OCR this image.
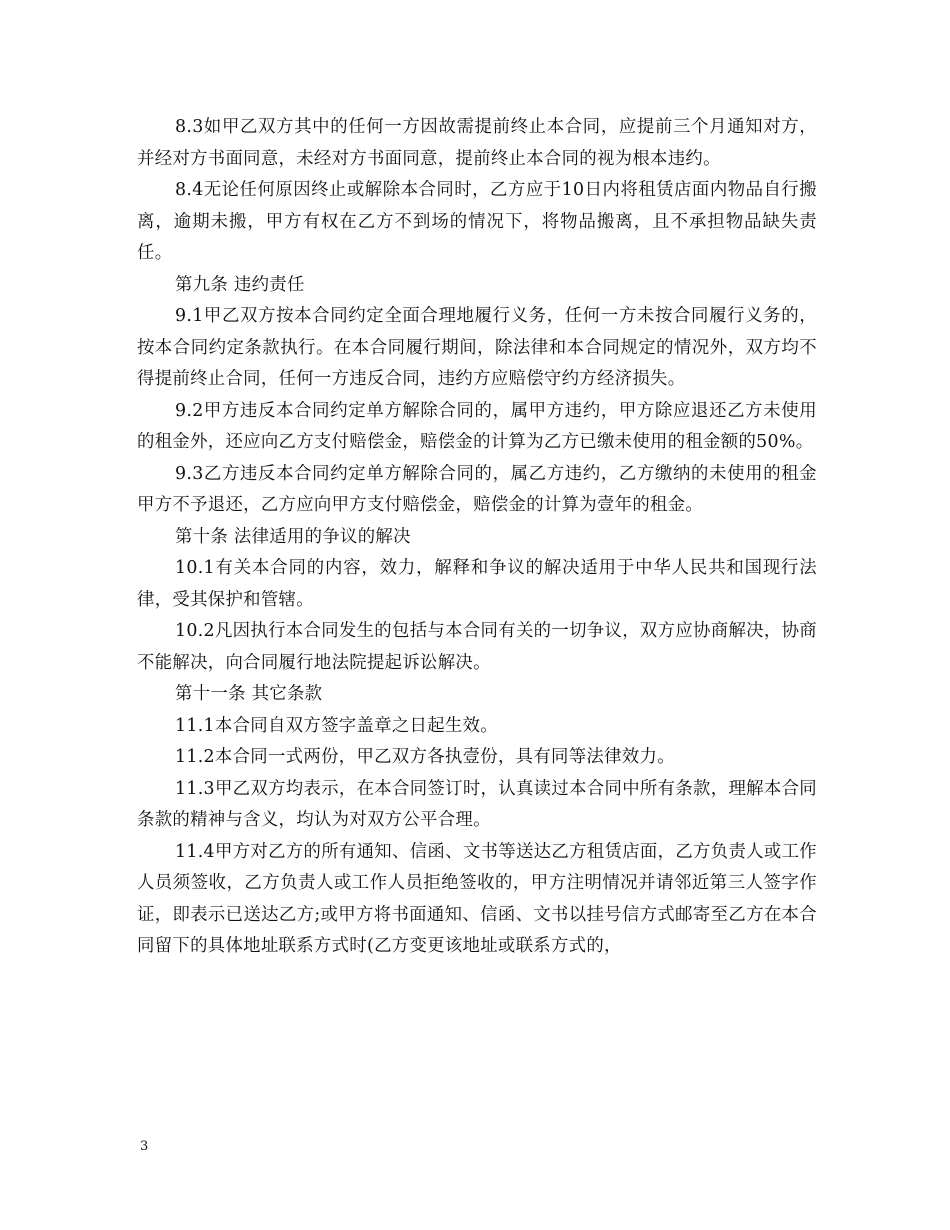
8.3如甲乙双方其中的任何一方因故需提前终止本合同，应提前三个月通知对方，并经对方书面同意，未经对方书面同意，提前终止本合同的视为根本违约。

8.4无论任何原因终止或解除本合同时，乙方应于10日内将租赁店面内物品自行搬离，逾期未搬，甲方有权在乙方不到场的情况下，将物品搬离，且不承担物品缺失责任。

第九条 违约责任

9.1甲乙双方按本合同约定全面合理地履行义务，任何一方未按合同履行义务的，按本合同约定条款执行。在本合同履行期间，除法律和本合同规定的情况外，双方均不得提前终止合同，任何一方违反合同，违约方应赔偿守约方经济损失。

9.2甲方违反本合同约定单方解除合同的，属甲方违约，甲方除应退还乙方未使用的租金外，还应向乙方支付赔偿金，赔偿金的计算为乙方已缴未使用的租金额的50%。

9.3乙方违反本合同约定单方解除合同的，属乙方违约，乙方缴纳的未使用的租金甲方不予退还，乙方应向甲方支付赔偿金，赔偿金的计算为壹年的租金。

第十条 法律适用的争议的解决

10.1有关本合同的内容，效力，解释和争议的解决适用于中华人民共和国现行法律，受其保护和管辖。

10.2凡因执行本合同发生的包括与本合同有关的一切争议，双方应协商解决，协商不能解决，向合同履行地法院提起诉讼解决。

第十一条 其它条款

11.1本合同自双方签字盖章之日起生效。

11.2本合同一式两份，甲乙双方各执壹份，具有同等法律效力。

11.3甲乙双方均表示，在本合同签订时，认真读过本合同中所有条款，理解本合同条款的精神与含义，均认为对双方公平合理。

11.4甲方对乙方的所有通知、信函、文书等送达乙方租赁店面，乙方负责人或工作人员须签收，乙方负责人或工作人员拒绝签收的，甲方注明情况并请邻近第三人签字作证，即表示已送达乙方;或甲方将书面通知、信函、文书以挂号信方式邮寄至乙方在本合同留下的具体地址联系方式时(乙方变更该地址或联系方式的，

3
